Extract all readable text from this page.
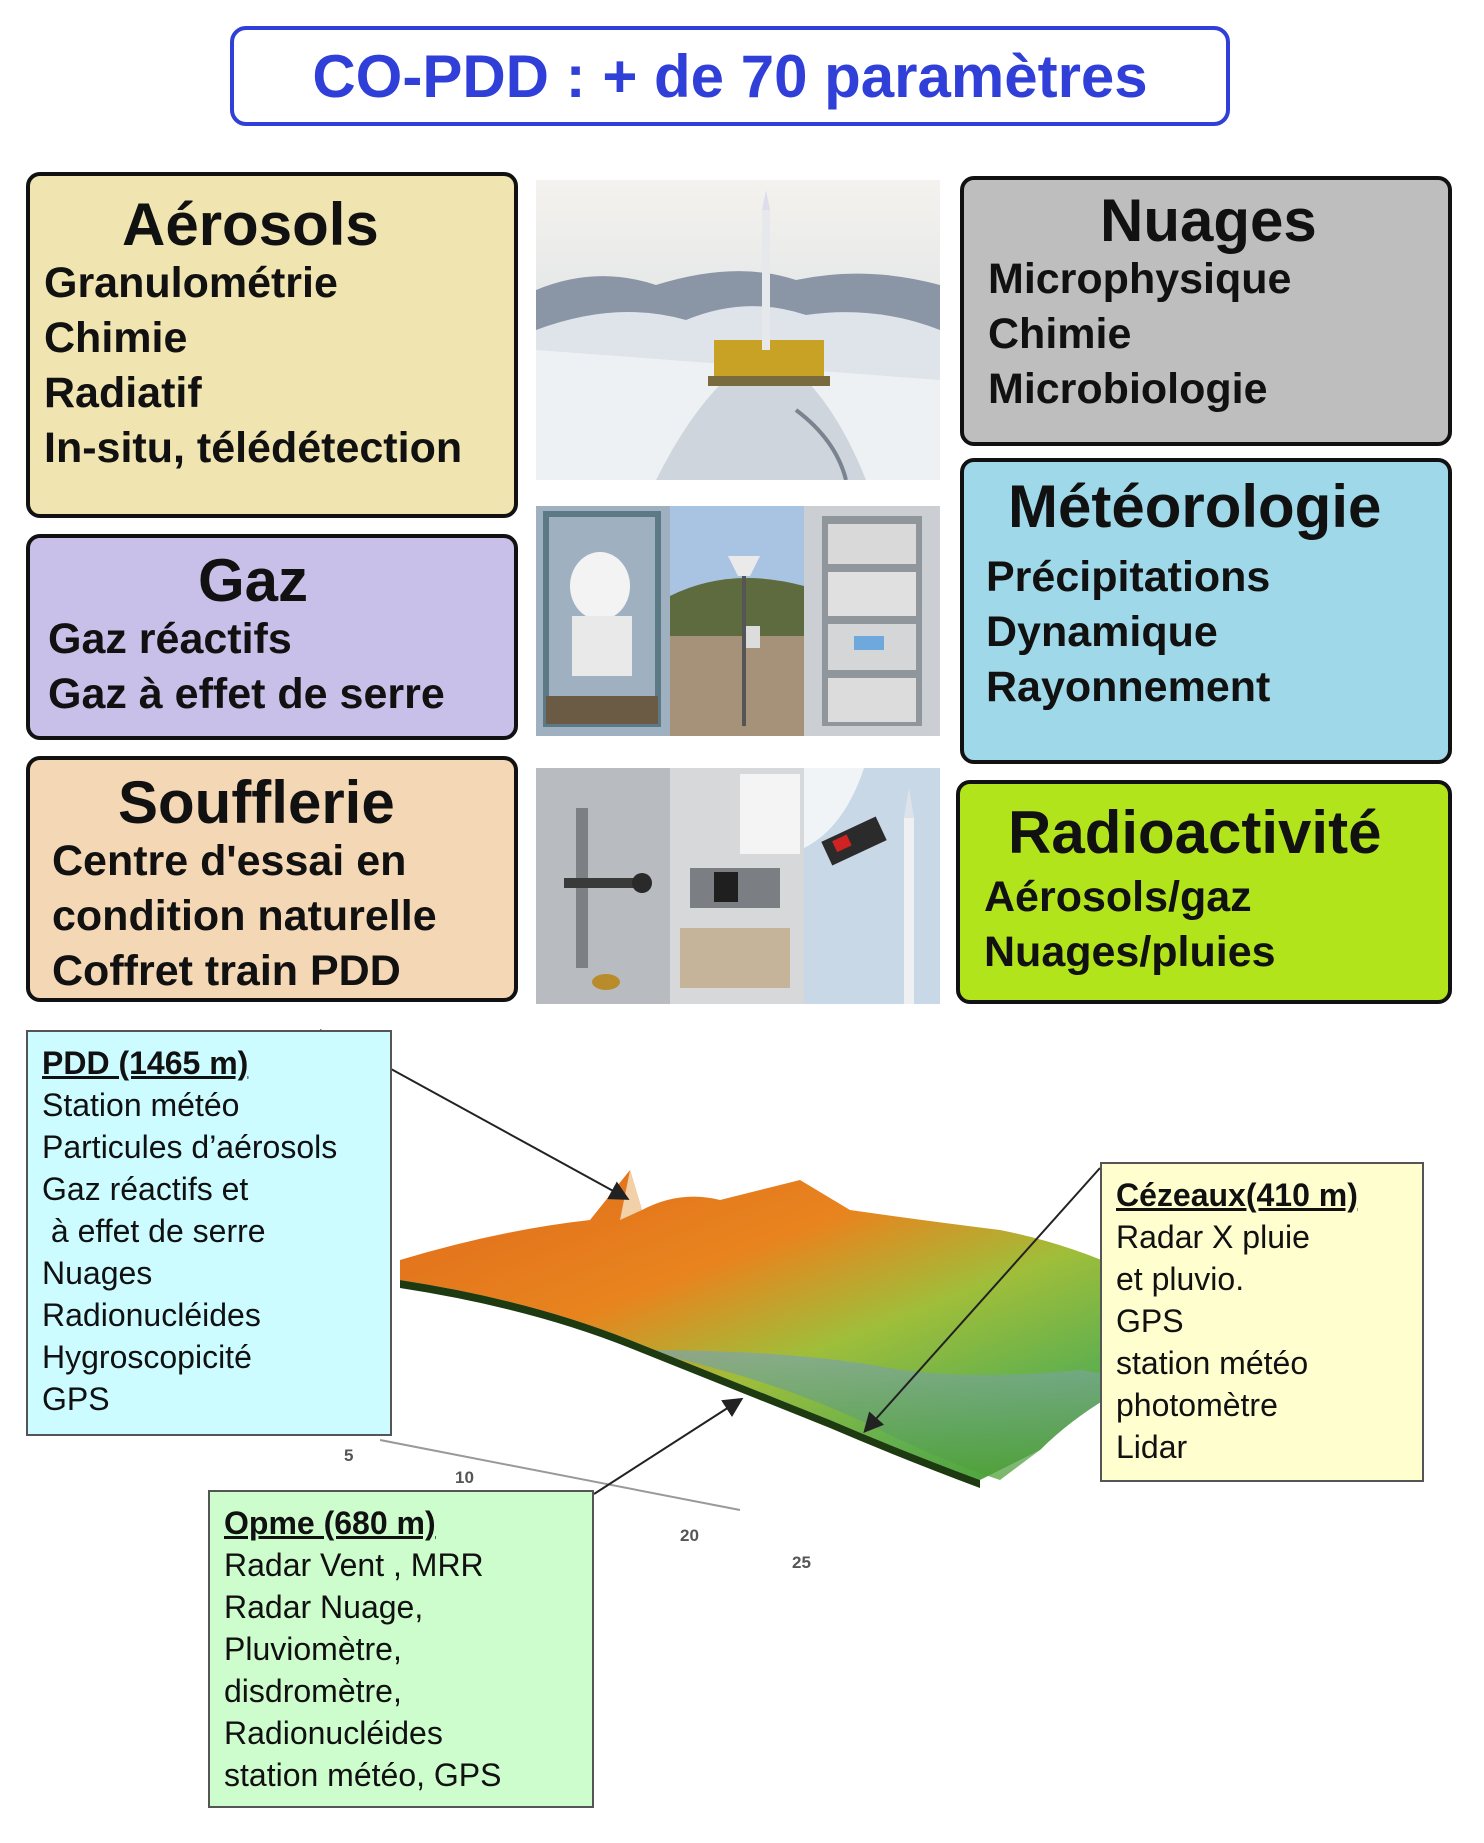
CO-PDD : + de 70 paramètres
Aérosols
Granulométrie
Chimie
Radiatif
In-situ, télédétection
Gaz
Gaz réactifs
Gaz à effet de serre
Soufflerie
Centre d'essai en
condition naturelle
Coffret train PDD
Nuages
Microphysique
Chimie
Microbiologie
Météorologie
Précipitations
Dynamique
Rayonnement
Radioactivité
Aérosols/gaz
Nuages/pluies
5
10
20
25
PDD (1465 m)
Station météo
Particules d’aérosols
Gaz réactifs et
à effet de serre
Nuages
Radionucléides
Hygroscopicité
GPS
Cézeaux(410 m)
Radar X pluie
et pluvio.
GPS
station météo
photomètre
Lidar
Opme (680 m)
Radar Vent , MRR
Radar Nuage,
Pluviomètre,
disdromètre,
Radionucléides
station météo, GPS
